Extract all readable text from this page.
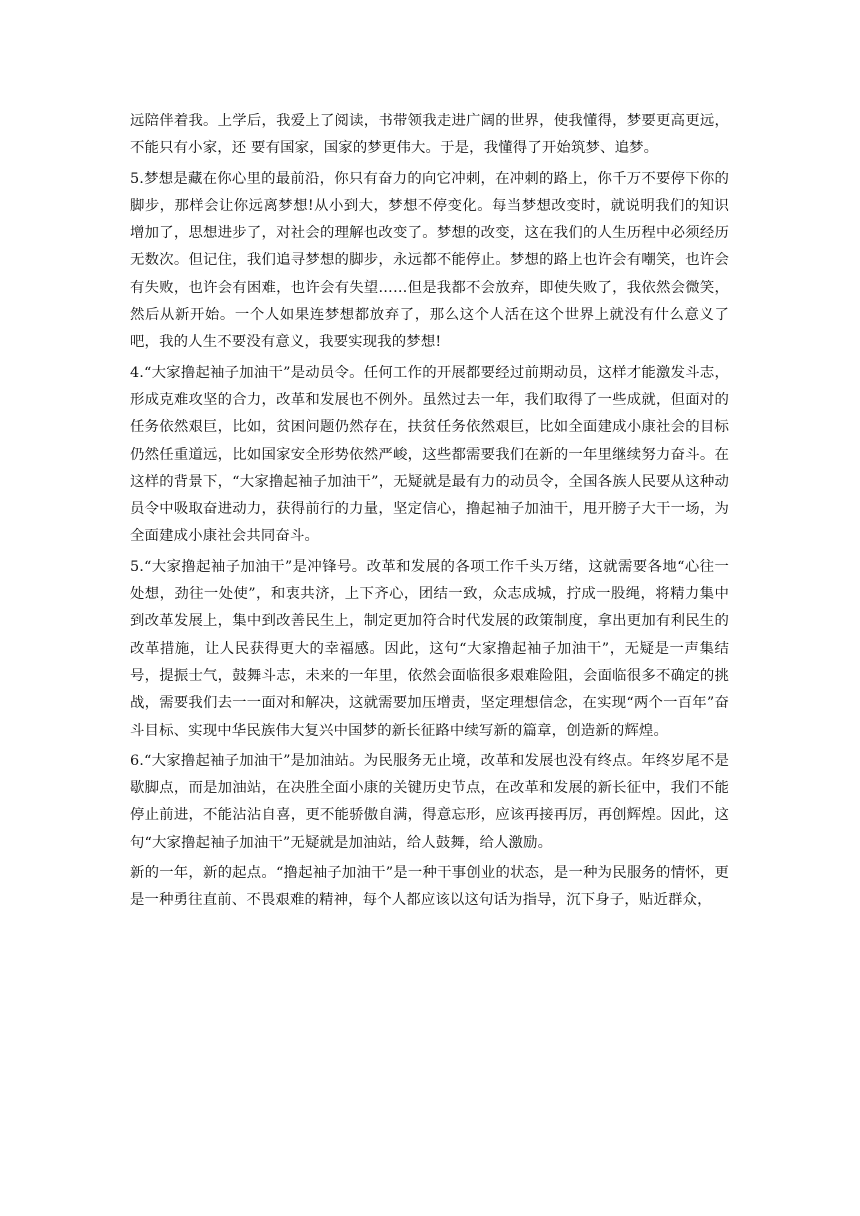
远陪伴着我。上学后，我爱上了阅读，书带领我走进广阔的世界，使我懂得，梦要更高更远，不能只有小家，还 要有国家，国家的梦更伟大。于是，我懂得了开始筑梦、追梦。

5.梦想是藏在你心里的最前沿，你只有奋力的向它冲刺，在冲刺的路上，你千万不要停下你的脚步，那样会让你远离梦想!从小到大，梦想不停变化。每当梦想改变时，就说明我们的知识增加了，思想进步了，对社会的理解也改变了。梦想的改变，这在我们的人生历程中必须经历无数次。但记住，我们追寻梦想的脚步，永远都不能停止。梦想的路上也许会有嘲笑，也许会有失败，也许会有困难，也许会有失望……但是我都不会放弃，即使失败了，我依然会微笑，然后从新开始。一个人如果连梦想都放弃了，那么这个人活在这个世界上就没有什么意义了吧，我的人生不要没有意义，我要实现我的梦想!

4.“大家撸起袖子加油干”是动员令。任何工作的开展都要经过前期动员，这样才能激发斗志，形成克难攻坚的合力，改革和发展也不例外。虽然过去一年，我们取得了一些成就，但面对的任务依然艰巨，比如，贫困问题仍然存在，扶贫任务依然艰巨，比如全面建成小康社会的目标仍然任重道远，比如国家安全形势依然严峻，这些都需要我们在新的一年里继续努力奋斗。在这样的背景下，“大家撸起袖子加油干”，无疑就是最有力的动员令，全国各族人民要从这种动员令中吸取奋进动力，获得前行的力量，坚定信心，撸起袖子加油干，甩开膀子大干一场，为全面建成小康社会共同奋斗。

5.“大家撸起袖子加油干”是冲锋号。改革和发展的各项工作千头万绪，这就需要各地“心往一处想，劲往一处使”，和衷共济，上下齐心，团结一致，众志成城，拧成一股绳，将精力集中到改革发展上，集中到改善民生上，制定更加符合时代发展的政策制度，拿出更加有利民生的改革措施，让人民获得更大的幸福感。因此，这句“大家撸起袖子加油干”，无疑是一声集结号，提振士气，鼓舞斗志，未来的一年里，依然会面临很多艰难险阻，会面临很多不确定的挑战，需要我们去一一面对和解决，这就需要加压增责，坚定理想信念，在实现“两个一百年”奋斗目标、实现中华民族伟大复兴中国梦的新长征路中续写新的篇章，创造新的辉煌。

6.“大家撸起袖子加油干”是加油站。为民服务无止境，改革和发展也没有终点。年终岁尾不是歇脚点，而是加油站，在决胜全面小康的关键历史节点，在改革和发展的新长征中，我们不能停止前进，不能沾沾自喜，更不能骄傲自满，得意忘形，应该再接再厉，再创辉煌。因此，这句“大家撸起袖子加油干”无疑就是加油站，给人鼓舞，给人激励。

新的一年，新的起点。“撸起袖子加油干”是一种干事创业的状态，是一种为民服务的情怀，更是一种勇往直前、不畏艰难的精神，每个人都应该以这句话为指导，沉下身子，贴近群众，
